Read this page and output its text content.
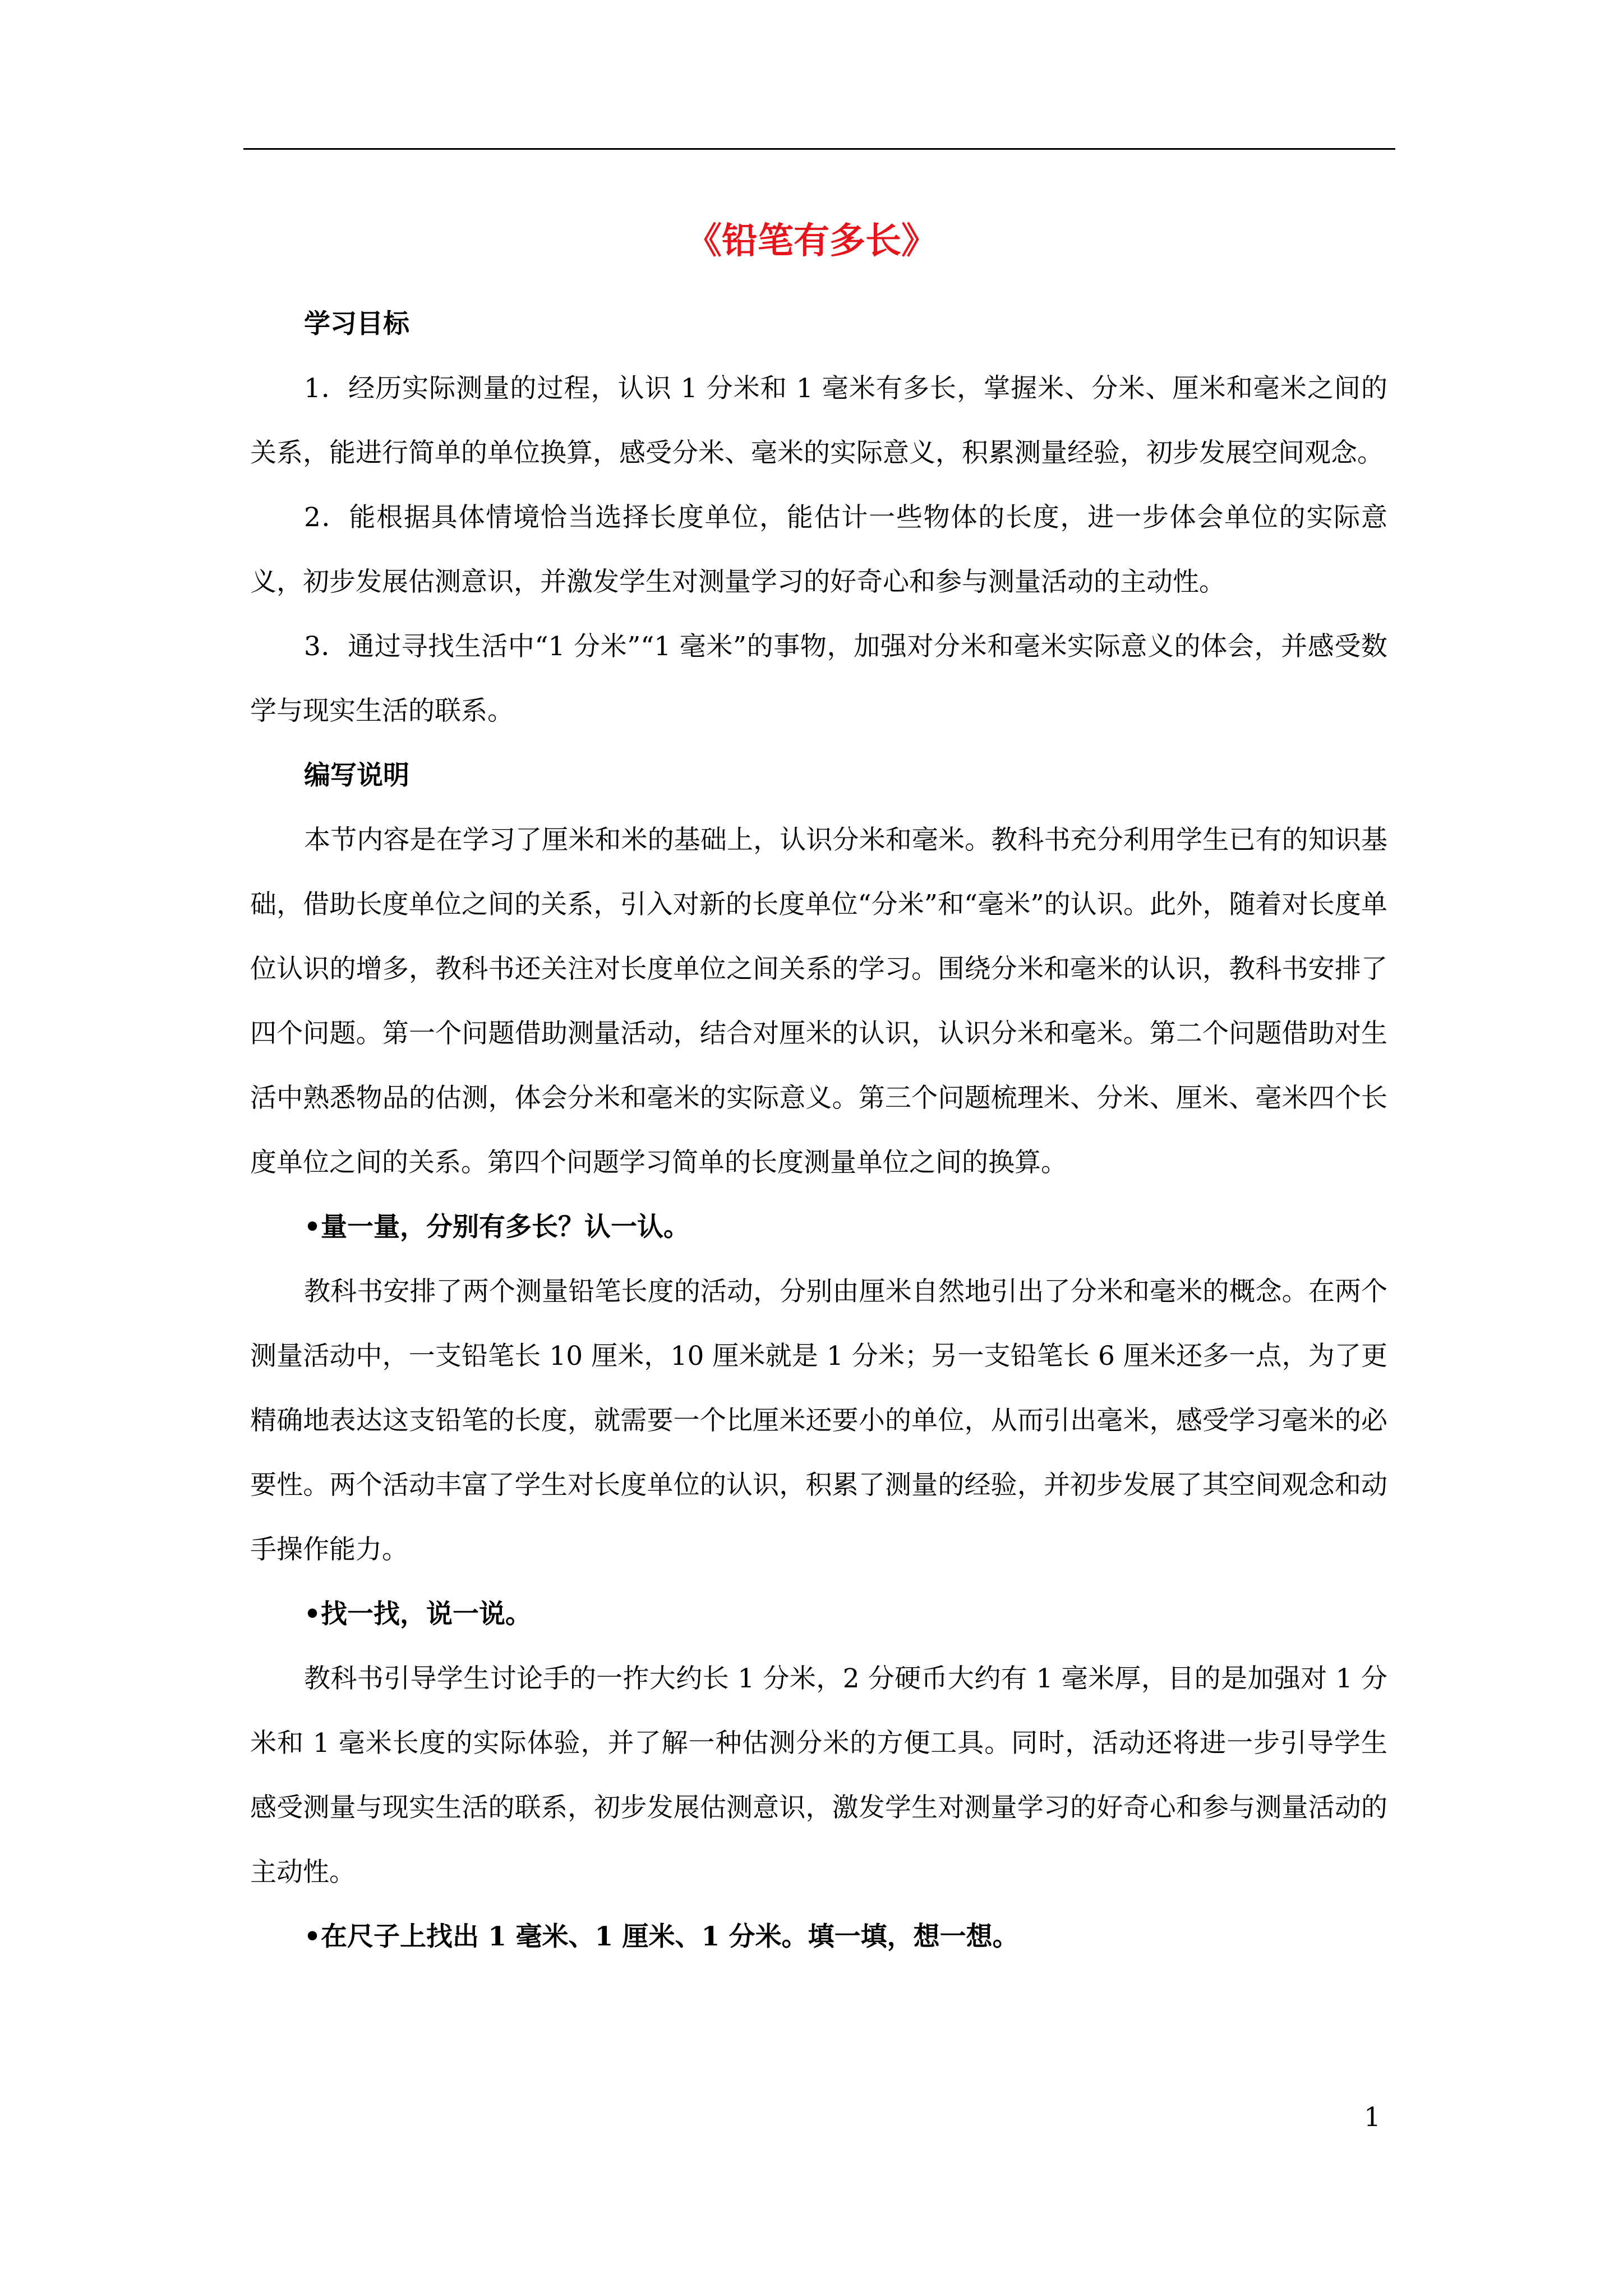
《铅笔有多长》

学习目标

1．经历实际测量的过程，认识 1 分米和 1 毫米有多长，掌握米、分米、厘米和毫米之间的关系，能进行简单的单位换算，感受分米、毫米的实际意义，积累测量经验，初步发展空间观念。

2．能根据具体情境恰当选择长度单位，能估计一些物体的长度，进一步体会单位的实际意义，初步发展估测意识，并激发学生对测量学习的好奇心和参与测量活动的主动性。

3．通过寻找生活中“1 分米”“1 毫米”的事物，加强对分米和毫米实际意义的体会，并感受数学与现实生活的联系。

编写说明

本节内容是在学习了厘米和米的基础上，认识分米和毫米。教科书充分利用学生已有的知识基础，借助长度单位之间的关系，引入对新的长度单位“分米”和“毫米”的认识。此外，随着对长度单位认识的增多，教科书还关注对长度单位之间关系的学习。围绕分米和毫米的认识，教科书安排了四个问题。第一个问题借助测量活动，结合对厘米的认识，认识分米和毫米。第二个问题借助对生活中熟悉物品的估测，体会分米和毫米的实际意义。第三个问题梳理米、分米、厘米、毫米四个长度单位之间的关系。第四个问题学习简单的长度测量单位之间的换算。

•量一量，分别有多长？认一认。

教科书安排了两个测量铅笔长度的活动，分别由厘米自然地引出了分米和毫米的概念。在两个测量活动中，一支铅笔长 10 厘米，10 厘米就是 1 分米；另一支铅笔长 6 厘米还多一点，为了更精确地表达这支铅笔的长度，就需要一个比厘米还要小的单位，从而引出毫米，感受学习毫米的必要性。两个活动丰富了学生对长度单位的认识，积累了测量的经验，并初步发展了其空间观念和动手操作能力。

•找一找，说一说。

教科书引导学生讨论手的一拃大约长 1 分米，2 分硬币大约有 1 毫米厚，目的是加强对 1 分米和 1 毫米长度的实际体验，并了解一种估测分米的方便工具。同时，活动还将进一步引导学生感受测量与现实生活的联系，初步发展估测意识，激发学生对测量学习的好奇心和参与测量活动的主动性。

•在尺子上找出 1 毫米、1 厘米、1 分米。填一填，想一想。

1
